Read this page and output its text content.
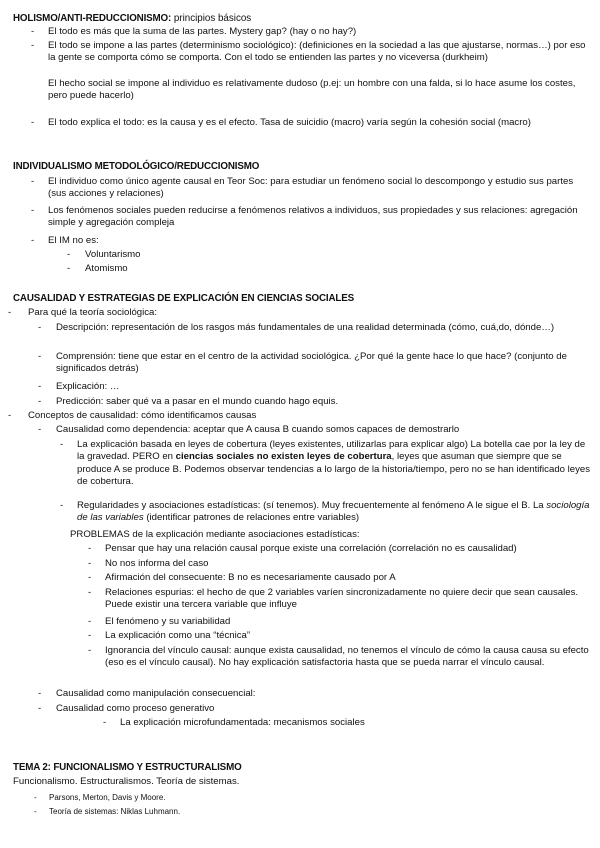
HOLISMO/ANTI-REDUCCIONISMO: principios básicos
- El todo es más que la suma de las partes. Mystery gap? (hay o no hay?)
- El todo se impone a las partes (determinismo sociológico): (definiciones en la sociedad a las que ajustarse, normas…) por eso la gente se comporta cómo se comporta. Con el todo se entienden las partes y no viceversa (durkheim)
El hecho social se impone al individuo es relativamente dudoso (p.ej: un hombre con una falda, si lo hace asume los costes, pero puede hacerlo)
- El todo explica el todo: es la causa y es el efecto. Tasa de suicidio (macro) varía según la cohesión social (macro)
INDIVIDUALISMO METODOLÓGICO/REDUCCIONISMO
- El individuo como único agente causal en Teor Soc: para estudiar un fenómeno social lo descompongo y estudio sus partes (sus acciones y relaciones)
- Los fenómenos sociales pueden reducirse a fenómenos relativos a individuos, sus propiedades y sus relaciones: agregación simple y agregación compleja
- El IM no es:
- Voluntarismo
- Atomismo
CAUSALIDAD Y ESTRATEGIAS DE EXPLICACIÓN EN CIENCIAS SOCIALES
- Para qué la teoría sociológica:
- Descripción: representación de los rasgos más fundamentales de una realidad determinada (cómo, cuá,do, dónde…)
- Comprensión: tiene que estar en el centro de la actividad sociológica. ¿Por qué la gente hace lo que hace? (conjunto de significados detrás)
- Explicación: …
- Predicción: saber qué va a pasar en el mundo cuando hago equis.
- Conceptos de causalidad: cómo identificamos causas
- Causalidad como dependencia: aceptar que A causa B cuando somos capaces de demostrarlo
- La explicación basada en leyes de cobertura (leyes existentes, utilizarlas para explicar algo) La botella cae por la ley de la gravedad. PERO en ciencias sociales no existen leyes de cobertura, leyes que asuman que siempre que se produce A se produce B. Podemos observar tendencias a lo largo de la historia/tiempo, pero no se han identificado leyes de cobertura.
- Regularidades y asociaciones estadísticas: (sí tenemos). Muy frecuentemente al fenómeno A le sigue el B. La sociología de las variables (identificar patrones de relaciones entre variables)
PROBLEMAS de la explicación mediante asociaciones estadísticas:
- Pensar que hay una relación causal porque existe una correlación (correlación no es causalidad)
- No nos informa del caso
- Afirmación del consecuente: B no es necesariamente causado por A
- Relaciones espurias: el hecho de que 2 variables varíen sincronizadamente no quiere decir que sean causales. Puede existir una tercera variable que influye
- El fenómeno y su variabilidad
- La explicación como una “técnica”
- Ignorancia del vínculo causal: aunque exista causalidad, no tenemos el vínculo de cómo la causa causa su efecto (eso es el vínculo causal). No hay explicación satisfactoria hasta que se pueda narrar el vínculo causal.
- Causalidad como manipulación consecuencial:
- Causalidad como proceso generativo
- La explicación microfundamentada: mecanismos sociales
TEMA 2: FUNCIONALISMO Y ESTRUCTURALISMO
Funcionalismo. Estructuralismos. Teoría de sistemas.
- Parsons, Merton, Davis y Moore.
- Teoría de sistemas: Niklas Luhmann.
